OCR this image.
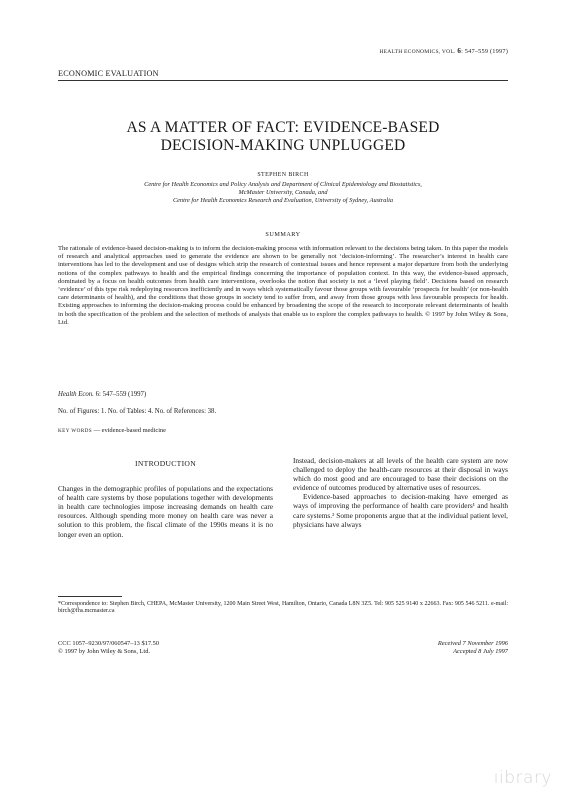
HEALTH ECONOMICS, VOL. 6: 547–559 (1997)
ECONOMIC EVALUATION
AS A MATTER OF FACT: EVIDENCE-BASED
DECISION-MAKING UNPLUGGED
STEPHEN BIRCH
Centre for Health Economics and Policy Analysis and Department of Clinical Epidemiology and Biostatistics,
McMaster University, Canada, and
Centre for Health Economics Research and Evaluation, University of Sydney, Australia
SUMMARY
The rationale of evidence-based decision-making is to inform the decision-making process with information relevant to the decisions being taken. In this paper the models of research and analytical approaches used to generate the evidence are shown to be generally not ‘decision-informing’. The researcher’s interest in health care interventions has led to the development and use of designs which strip the research of contextual issues and hence represent a major departure from both the underlying notions of the complex pathways to health and the empirical findings concerning the importance of population context. In this way, the evidence-based approach, dominated by a focus on health outcomes from health care interventions, overlooks the notion that society is not a ‘level playing field’. Decisions based on research ‘evidence’ of this type risk redeploying resources inefficiently and in ways which systematically favour those groups with favourable ‘prospects for health’ (or non-health care determinants of health), and the conditions that those groups in society tend to suffer from, and away from those groups with less favourable prospects for health. Existing approaches to informing the decision-making process could be enhanced by broadening the scope of the research to incorporate relevant determinants of health in both the specification of the problem and the selection of methods of analysis that enable us to explore the complex pathways to health. © 1997 by John Wiley & Sons, Ltd.
Health Econ. 6: 547–559 (1997)
No. of Figures: 1. No. of Tables: 4. No. of References: 38.
KEY WORDS — evidence-based medicine
INTRODUCTION

Changes in the demographic profiles of populations and the expectations of health care systems by those populations together with developments in health care technologies impose increasing demands on health care resources. Although spending more money on health care was never a solution to this problem, the fiscal climate of the 1990s means it is no longer even an option.

Instead, decision-makers at all levels of the health care system are now challenged to deploy the health-care resources at their disposal in ways which do most good and are encouraged to base their decisions on the evidence of outcomes produced by alternative uses of resources.

Evidence-based approaches to decision-making have emerged as ways of improving the performance of health care providers¹ and health care systems.² Some proponents argue that at the individual patient level, physicians have always

*Correspondence to: Stephen Birch, CHEPA, McMaster University, 1200 Main Street West, Hamilton, Ontario, Canada L8N 3Z5. Tel: 905 525 9140 x 22663. Fax: 905 546 5211. e-mail: birch@fhs.mcmaster.ca
CCC 1057–9230/97/060547–13 $17.50
© 1997 by John Wiley & Sons, Ltd.
Received 7 November 1996
Accepted 8 July 1997
ıibrary
